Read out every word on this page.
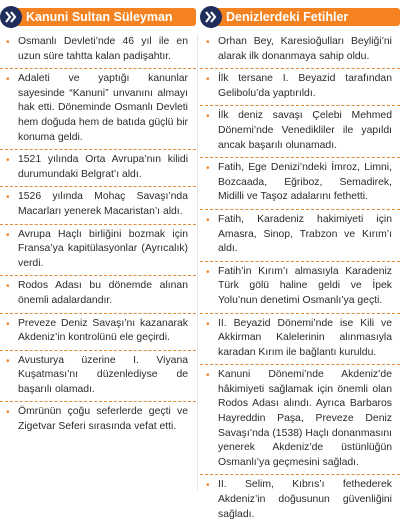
Kanuni Sultan Süleyman
• Osmanlı Devleti’nde 46 yıl ile en uzun süre tahtta kalan padişahtır.
• Adaleti ve yaptığı kanunlar sayesinde “Kanuni” unvanını almayı hak etti. Döneminde Osmanlı Devleti hem doğuda hem de batıda güçlü bir konuma geldi.
• 1521 yılında Orta Avrupa’nın kilidi durumundaki Belgrat’ı aldı.
• 1526 yılında Mohaç Savaşı’nda Macarları yenerek Macaristan’ı aldı.
• Avrupa Haçlı birliğini bozmak için Fransa’ya kapitülasyonlar (Ayrıcalık) verdi.
• Rodos Adası bu dönemde alınan önemli adalardandır.
• Preveze Deniz Savaşı’nı kazanarak Akdeniz’in kontrolünü ele geçirdi.
• Avusturya üzerine I. Viyana Kuşatması’nı düzenlediyse de başarılı olamadı.
• Ömrünün çoğu seferlerde geçti ve Zigetvar Seferi sırasında vefat etti.
Denizlerdeki Fetihler
• Orhan Bey, Karesioğulları Beyliği’ni alarak ilk donanmaya sahip oldu.
• İlk tersane I. Beyazid tarafından Gelibolu’da yaptırıldı.
• İlk deniz savaşı Çelebi Mehmed Dönemi’nde Venedikliler ile yapıldı ancak başarılı olunamadı.
• Fatih, Ege Denizi’ndeki İmroz, Limni, Bozcaada, Eğriboz, Semadirek, Midilli ve Taşoz adalarını fethetti.
• Fatih, Karadeniz hakimiyeti için Amasra, Sinop, Trabzon ve Kırım’ı aldı.
• Fatih’in Kırım’ı almasıyla Karadeniz Türk gölü haline geldi ve İpek Yolu’nun denetimi Osmanlı’ya geçti.
• II. Beyazid Dönemi’nde ise Kili ve Akkirman Kalelerinin alınmasıyla karadan Kırım ile bağlantı kuruldu.
• Kanuni Dönemi’nde Akdeniz’de hâkimiyeti sağlamak için önemli olan Rodos Adası alındı. Ayrıca Barbaros Hayreddin Paşa, Preveze Deniz Savaşı’nda (1538) Haçlı donanmasını yenerek Akdeniz’de üstünlüğün Osmanlı’ya geçmesini sağladı.
• II. Selim, Kıbrıs’ı fethederek Akdeniz’in doğusunun güvenliğini sağladı.
